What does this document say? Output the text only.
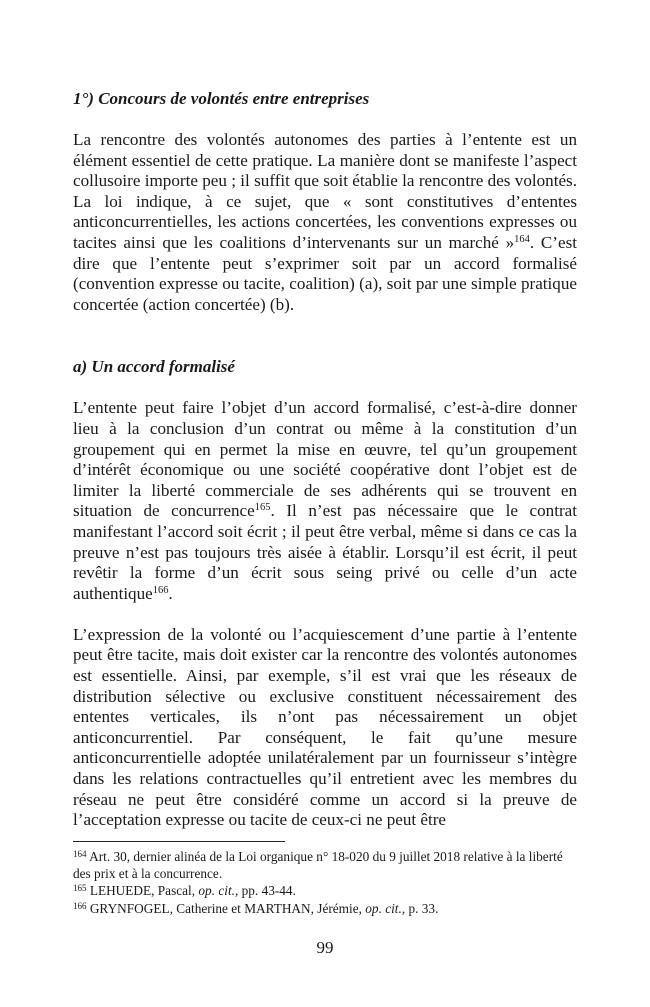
1°) Concours de volontés entre entreprises

La rencontre des volontés autonomes des parties à l’entente est un élément essentiel de cette pratique. La manière dont se manifeste l’aspect collusoire importe peu ; il suffit que soit établie la rencontre des volontés. La loi indique, à ce sujet, que « sont constitutives d’ententes anticoncurrentielles, les actions concertées, les conventions expresses ou tacites ainsi que les coalitions d’intervenants sur un marché »$^{164}$. C’est dire que l’entente peut s’exprimer soit par un accord formalisé (convention expresse ou tacite, coalition) (a), soit par une simple pratique concertée (action concertée) (b).

a) Un accord formalisé

L’entente peut faire l’objet d’un accord formalisé, c’est-à-dire donner lieu à la conclusion d’un contrat ou même à la constitution d’un groupement qui en permet la mise en œuvre, tel qu’un groupement d’intérêt économique ou une société coopérative dont l’objet est de limiter la liberté commerciale de ses adhérents qui se trouvent en situation de concurrence$^{165}$. Il n’est pas nécessaire que le contrat manifestant l’accord soit écrit ; il peut être verbal, même si dans ce cas la preuve n’est pas toujours très aisée à établir. Lorsqu’il est écrit, il peut revêtir la forme d’un écrit sous seing privé ou celle d’un acte authentique$^{166}$.

L’expression de la volonté ou l’acquiescement d’une partie à l’entente peut être tacite, mais doit exister car la rencontre des volontés autonomes est essentielle. Ainsi, par exemple, s’il est vrai que les réseaux de distribution sélective ou exclusive constituent nécessairement des ententes verticales, ils n’ont pas nécessairement un objet anticoncurrentiel. Par conséquent, le fait qu’une mesure anticoncurrentielle adoptée unilatéralement par un fournisseur s’intègre dans les relations contractuelles qu’il entretient avec les membres du réseau ne peut être considéré comme un accord si la preuve de l’acceptation expresse ou tacite de ceux-ci ne peut être

$^{164}$ Art. 30, dernier alinéa de la Loi organique n° 18-020 du 9 juillet 2018 relative à la liberté des prix et à la concurrence.

$^{165}$ LEHUEDE, Pascal, op. cit., pp. 43-44.

$^{166}$ GRYNFOGEL, Catherine et MARTHAN, Jérémie, op. cit., p. 33.

99
